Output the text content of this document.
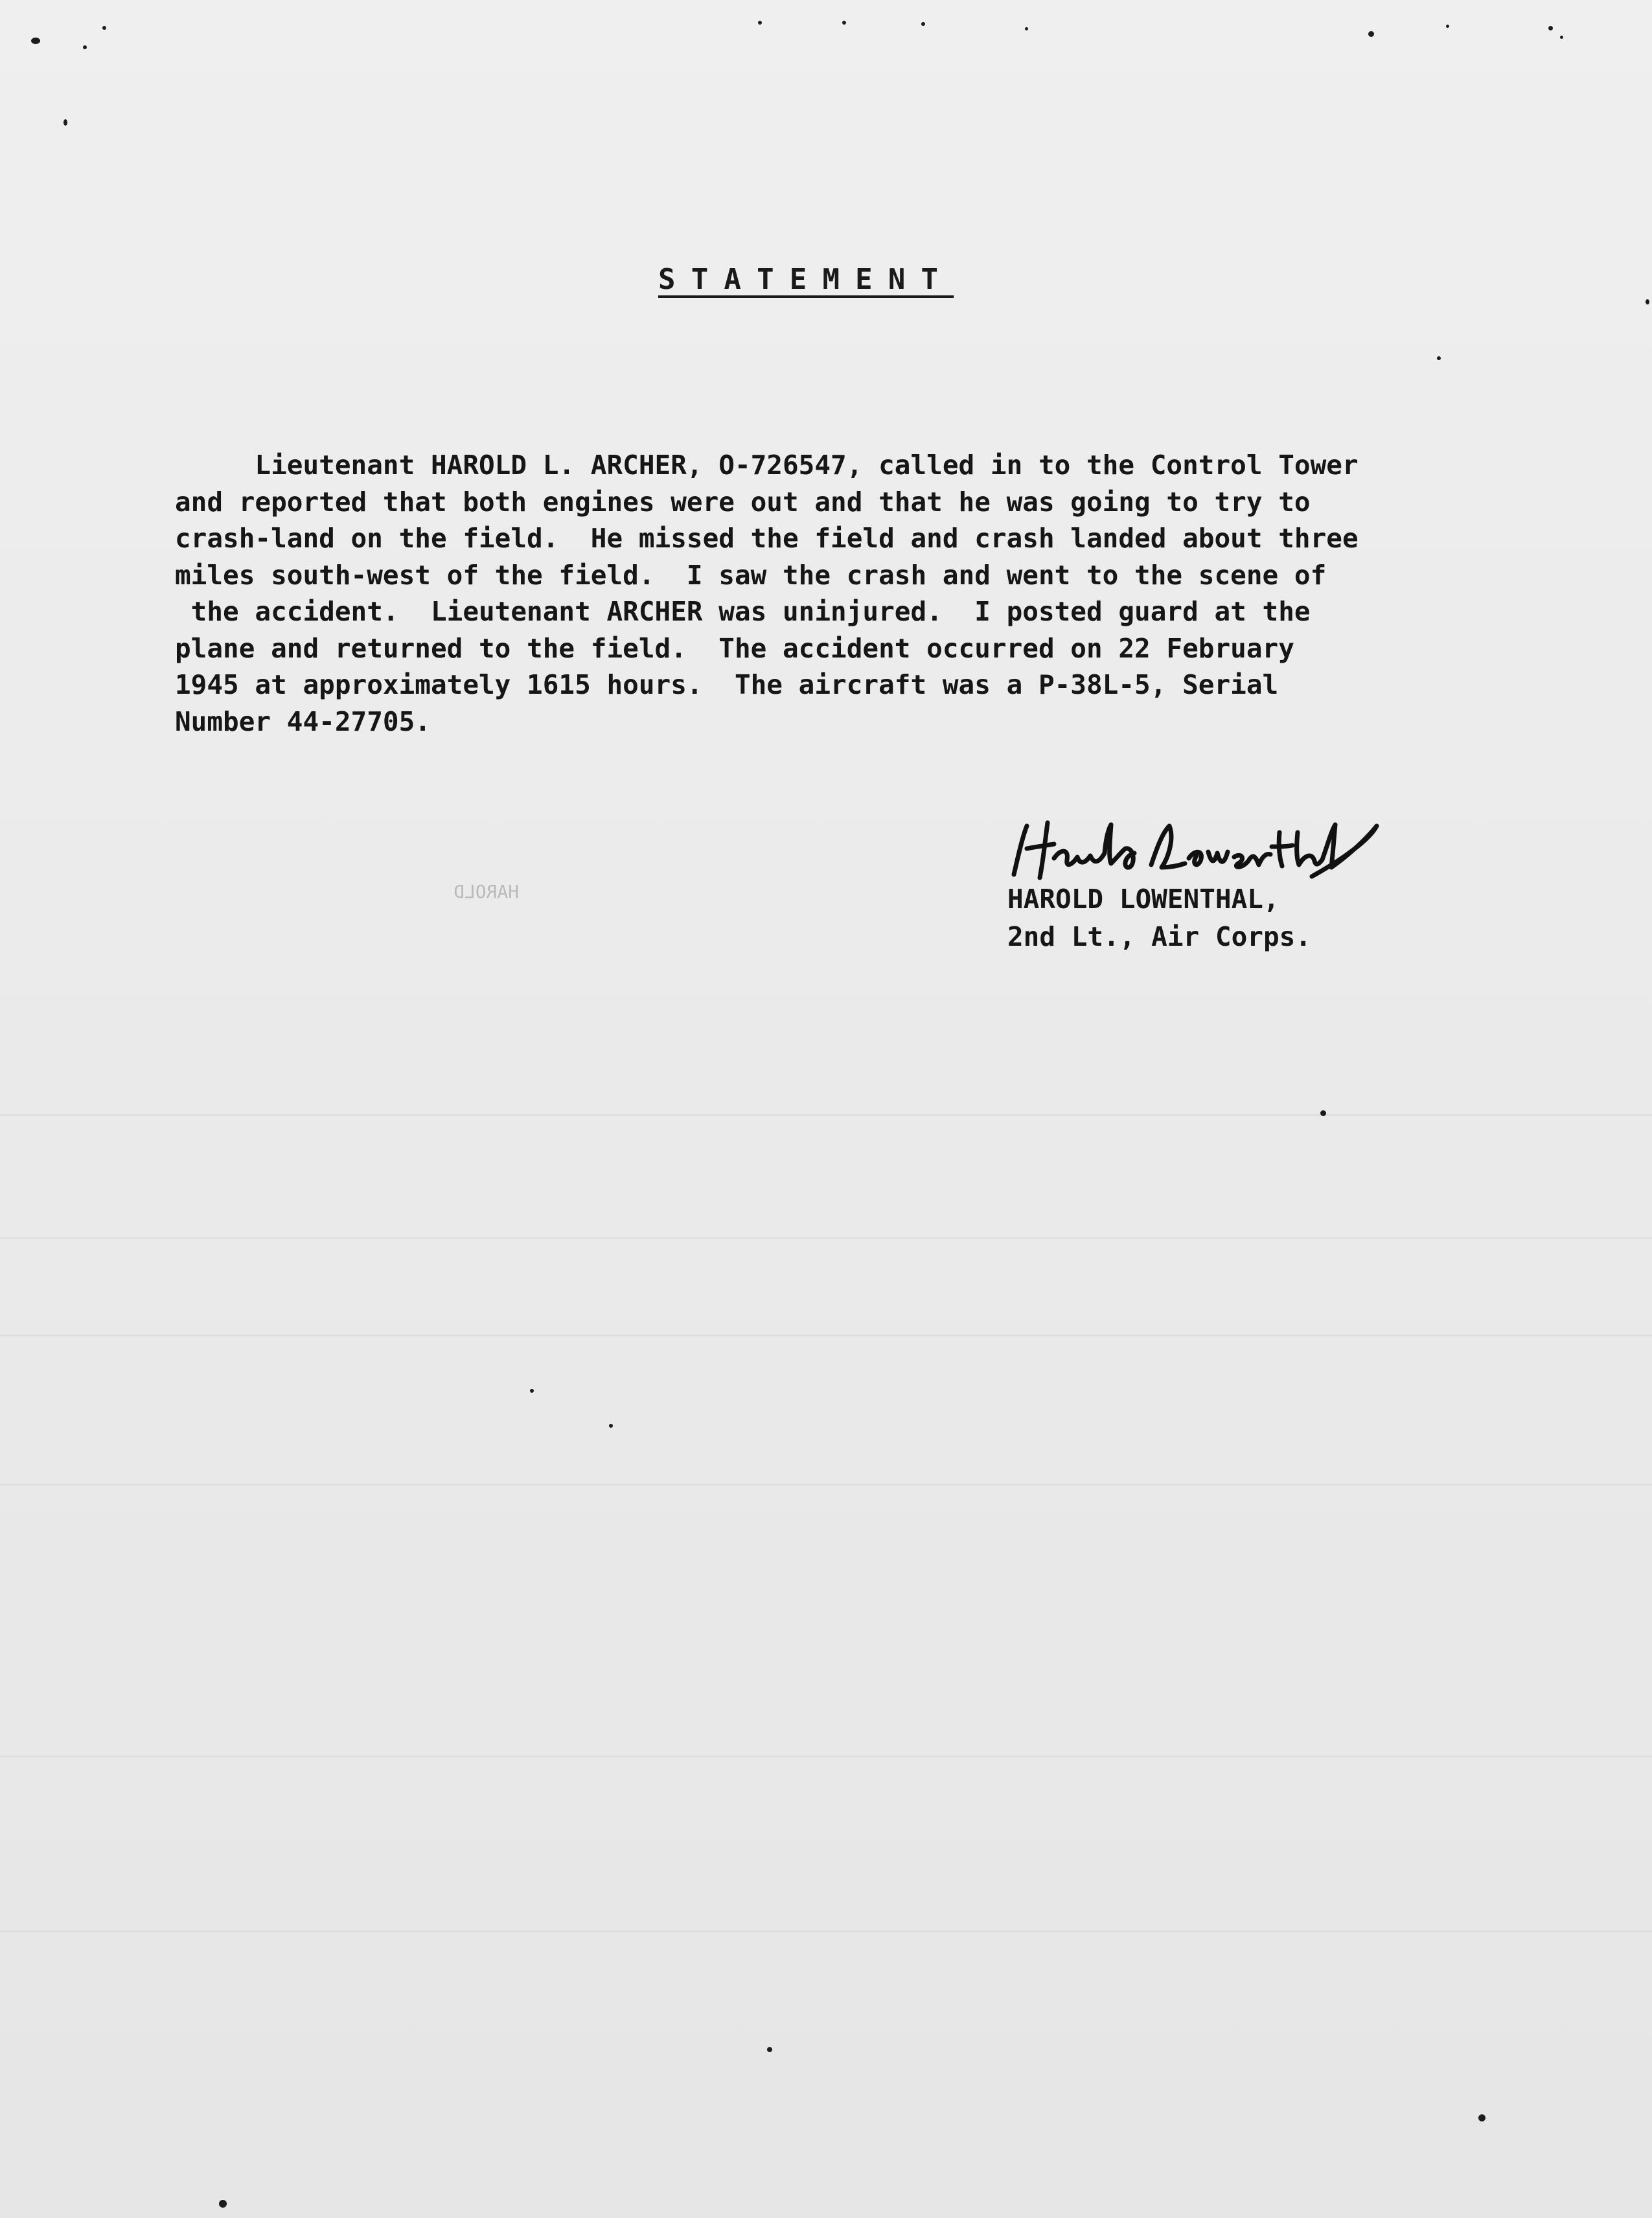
STATEMENT
Lieutenant HAROLD L. ARCHER, O-726547, called in to the Control Tower
and reported that both engines were out and that he was going to try to
crash-land on the field.  He missed the field and crash landed about three
miles south-west of the field.  I saw the crash and went to the scene of
the accident.  Lieutenant ARCHER was uninjured.  I posted guard at the
plane and returned to the field.  The accident occurred on 22 February
1945 at approximately 1615 hours.  The aircraft was a P-38L-5, Serial
Number 44-27705.
HAROLD	HAROLD LOWENTHAL,
2nd Lt., Air Corps.
